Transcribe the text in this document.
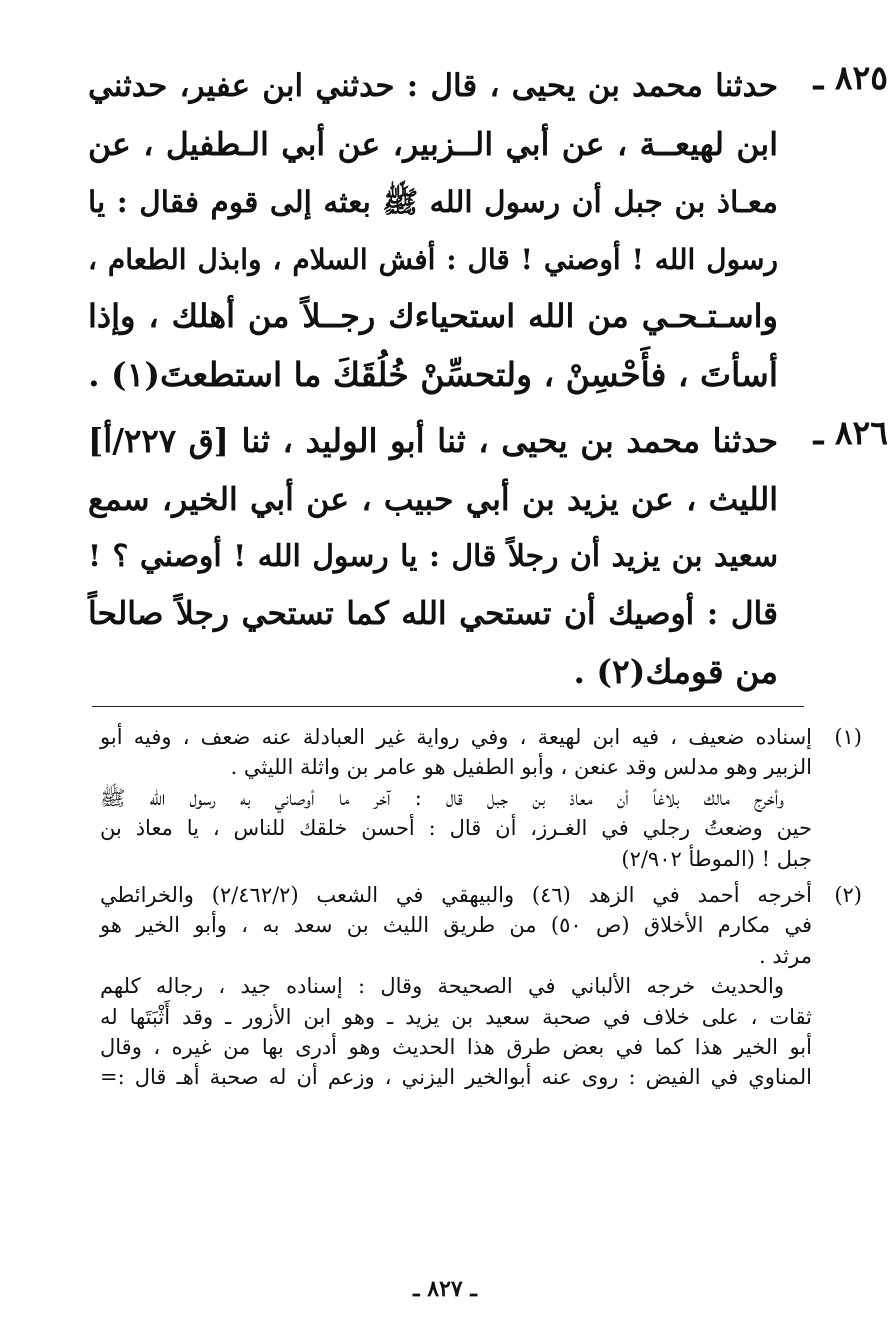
٨٢٥ ـ
حدثنا محمد بن يحيى ، قال : حدثني ابن عفير، حدثني
ابن لهيعــة ، عن أبي الــزبير، عن أبي الـطفيل ، عن
معـاذ بن جبل أن رسول الله ﷺ بعثه إلى قوم فقال : يا
رسول الله ! أوصني ! قال : أفش السلام ، وابذل الطعام ،
واسـتـحـي من الله استحياءك رجــلاً من أهلك ، وإذا
أسأتَ ، فأَحْسِنْ ، ولتحسِّنْ خُلُقَكَ ما استطعتَ(١) .
٨٢٦ ـ
حدثنا محمد بن يحيى ، ثنا أبو الوليد ، ثنا [ق ٢٢٧/أ]
الليث ، عن يزيد بن أبي حبيب ، عن أبي الخير، سمع
سعيد بن يزيد أن رجلاً قال : يا رسول الله ! أوصني ؟ !
قال : أوصيك أن تستحي الله كما تستحي رجلاً صالحاً
من قومك(٢) .
(١)
إسناده ضعيف ، فيه ابن لهيعة ، وفي رواية غير العبادلة عنه ضعف ، وفيه أبو
الزبير وهو مدلس وقد عنعن ، وأبو الطفيل هو عامر بن واثلة الليثي .
وأخرج مالك بلاغاً أن معاذ بن جبل قال : آخر ما أوصاني به رسول الله ﷺ
حين وضعتُ رجلي في الغـرز، أن قال : أحسن خلقك للناس ، يا معاذ بن
جبل ! (الموطأ ٢/٩٠٢)
(٢)
أخرجه أحمد في الزهد (٤٦) والبيهقي في الشعب (٢/٤٦٢/٢) والخرائطي
في مكارم الأخلاق (ص ٥٠) من طريق الليث بن سعد به ، وأبو الخير هو
مرثد .
والحديث خرجه الألباني في الصحيحة وقال : إسناده جيد ، رجاله كلهم
ثقات ، على خلاف في صحبة سعيد بن يزيد ـ وهو ابن الأزور ـ وقد أَثْبَتَها له
أبو الخير هذا كما في بعض طرق هذا الحديث وهو أدرى بها من غيره ، وقال
المناوي في الفيض : روى عنه أبوالخير اليزني ، وزعم أن له صحبة أهـ قال :=
ـ ٨٢٧ ـ
